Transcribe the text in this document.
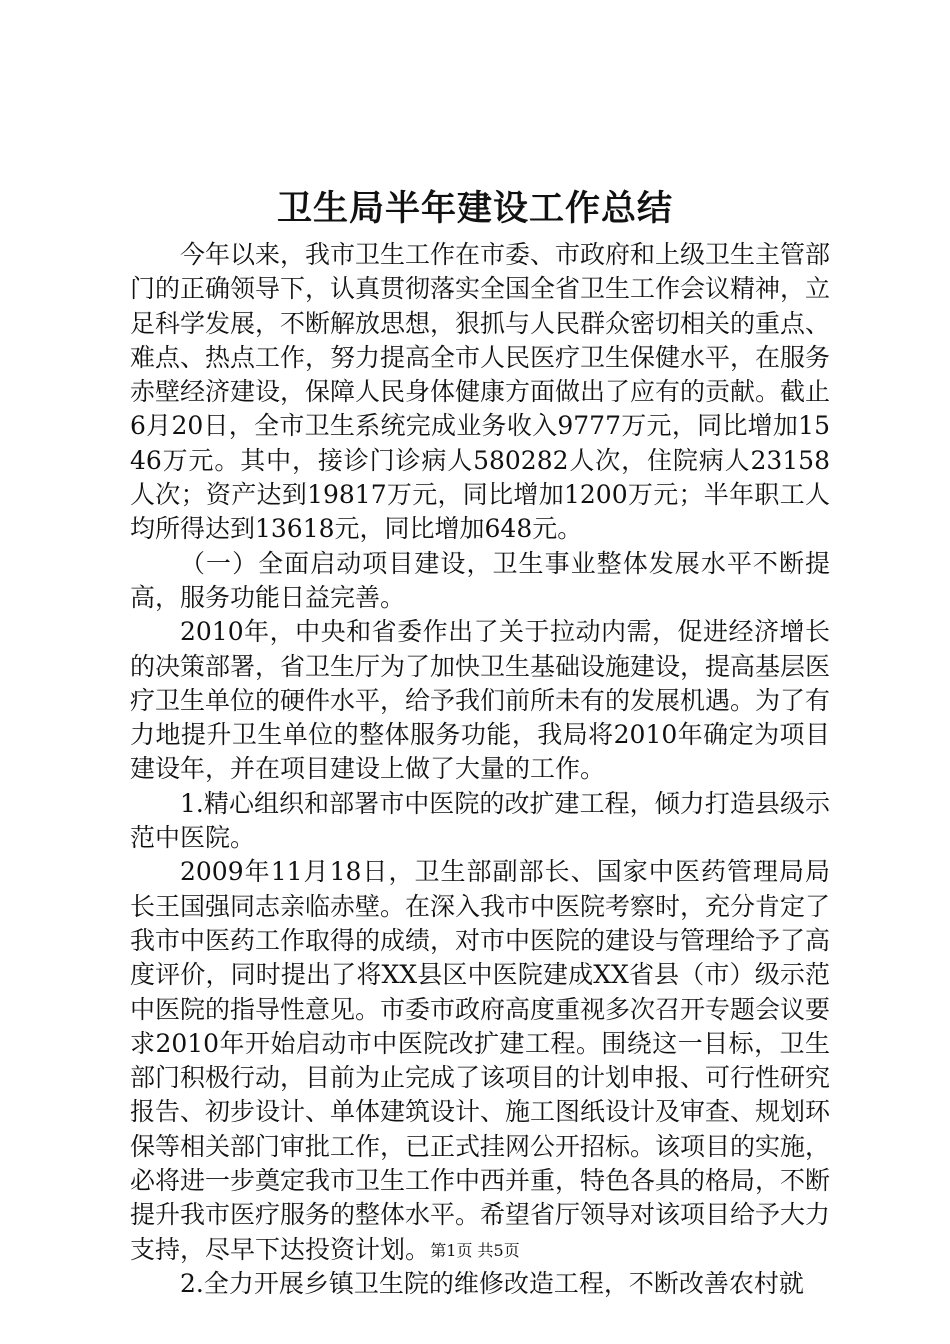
卫生局半年建设工作总结

今年以来，我市卫生工作在市委、市政府和上级卫生主管部门的正确领导下，认真贯彻落实全国全省卫生工作会议精神，立足科学发展，不断解放思想，狠抓与人民群众密切相关的重点、难点、热点工作，努力提高全市人民医疗卫生保健水平，在服务赤壁经济建设，保障人民身体健康方面做出了应有的贡献。截止6月20日，全市卫生系统完成业务收入9777万元，同比增加1546万元。其中，接诊门诊病人580282人次，住院病人23158人次；资产达到19817万元，同比增加1200万元；半年职工人均所得达到13618元，同比增加648元。

（一）全面启动项目建设，卫生事业整体发展水平不断提高，服务功能日益完善。

2010年，中央和省委作出了关于拉动内需，促进经济增长的决策部署，省卫生厅为了加快卫生基础设施建设，提高基层医疗卫生单位的硬件水平，给予我们前所未有的发展机遇。为了有力地提升卫生单位的整体服务功能，我局将2010年确定为项目建设年，并在项目建设上做了大量的工作。

1.精心组织和部署市中医院的改扩建工程，倾力打造县级示范中医院。

2009年11月18日，卫生部副部长、国家中医药管理局局长王国强同志亲临赤壁。在深入我市中医院考察时，充分肯定了我市中医药工作取得的成绩，对市中医院的建设与管理给予了高度评价，同时提出了将XX县区中医院建成XX省县（市）级示范中医院的指导性意见。市委市政府高度重视多次召开专题会议要求2010年开始启动市中医院改扩建工程。围绕这一目标，卫生部门积极行动，目前为止完成了该项目的计划申报、可行性研究报告、初步设计、单体建筑设计、施工图纸设计及审查、规划环保等相关部门审批工作，已正式挂网公开招标。该项目的实施，必将进一步奠定我市卫生工作中西并重，特色各具的格局，不断提升我市医疗服务的整体水平。希望省厅领导对该项目给予大力支持，尽早下达投资计划。

2.全力开展乡镇卫生院的维修改造工程，不断改善农村就

第1页 共5页
